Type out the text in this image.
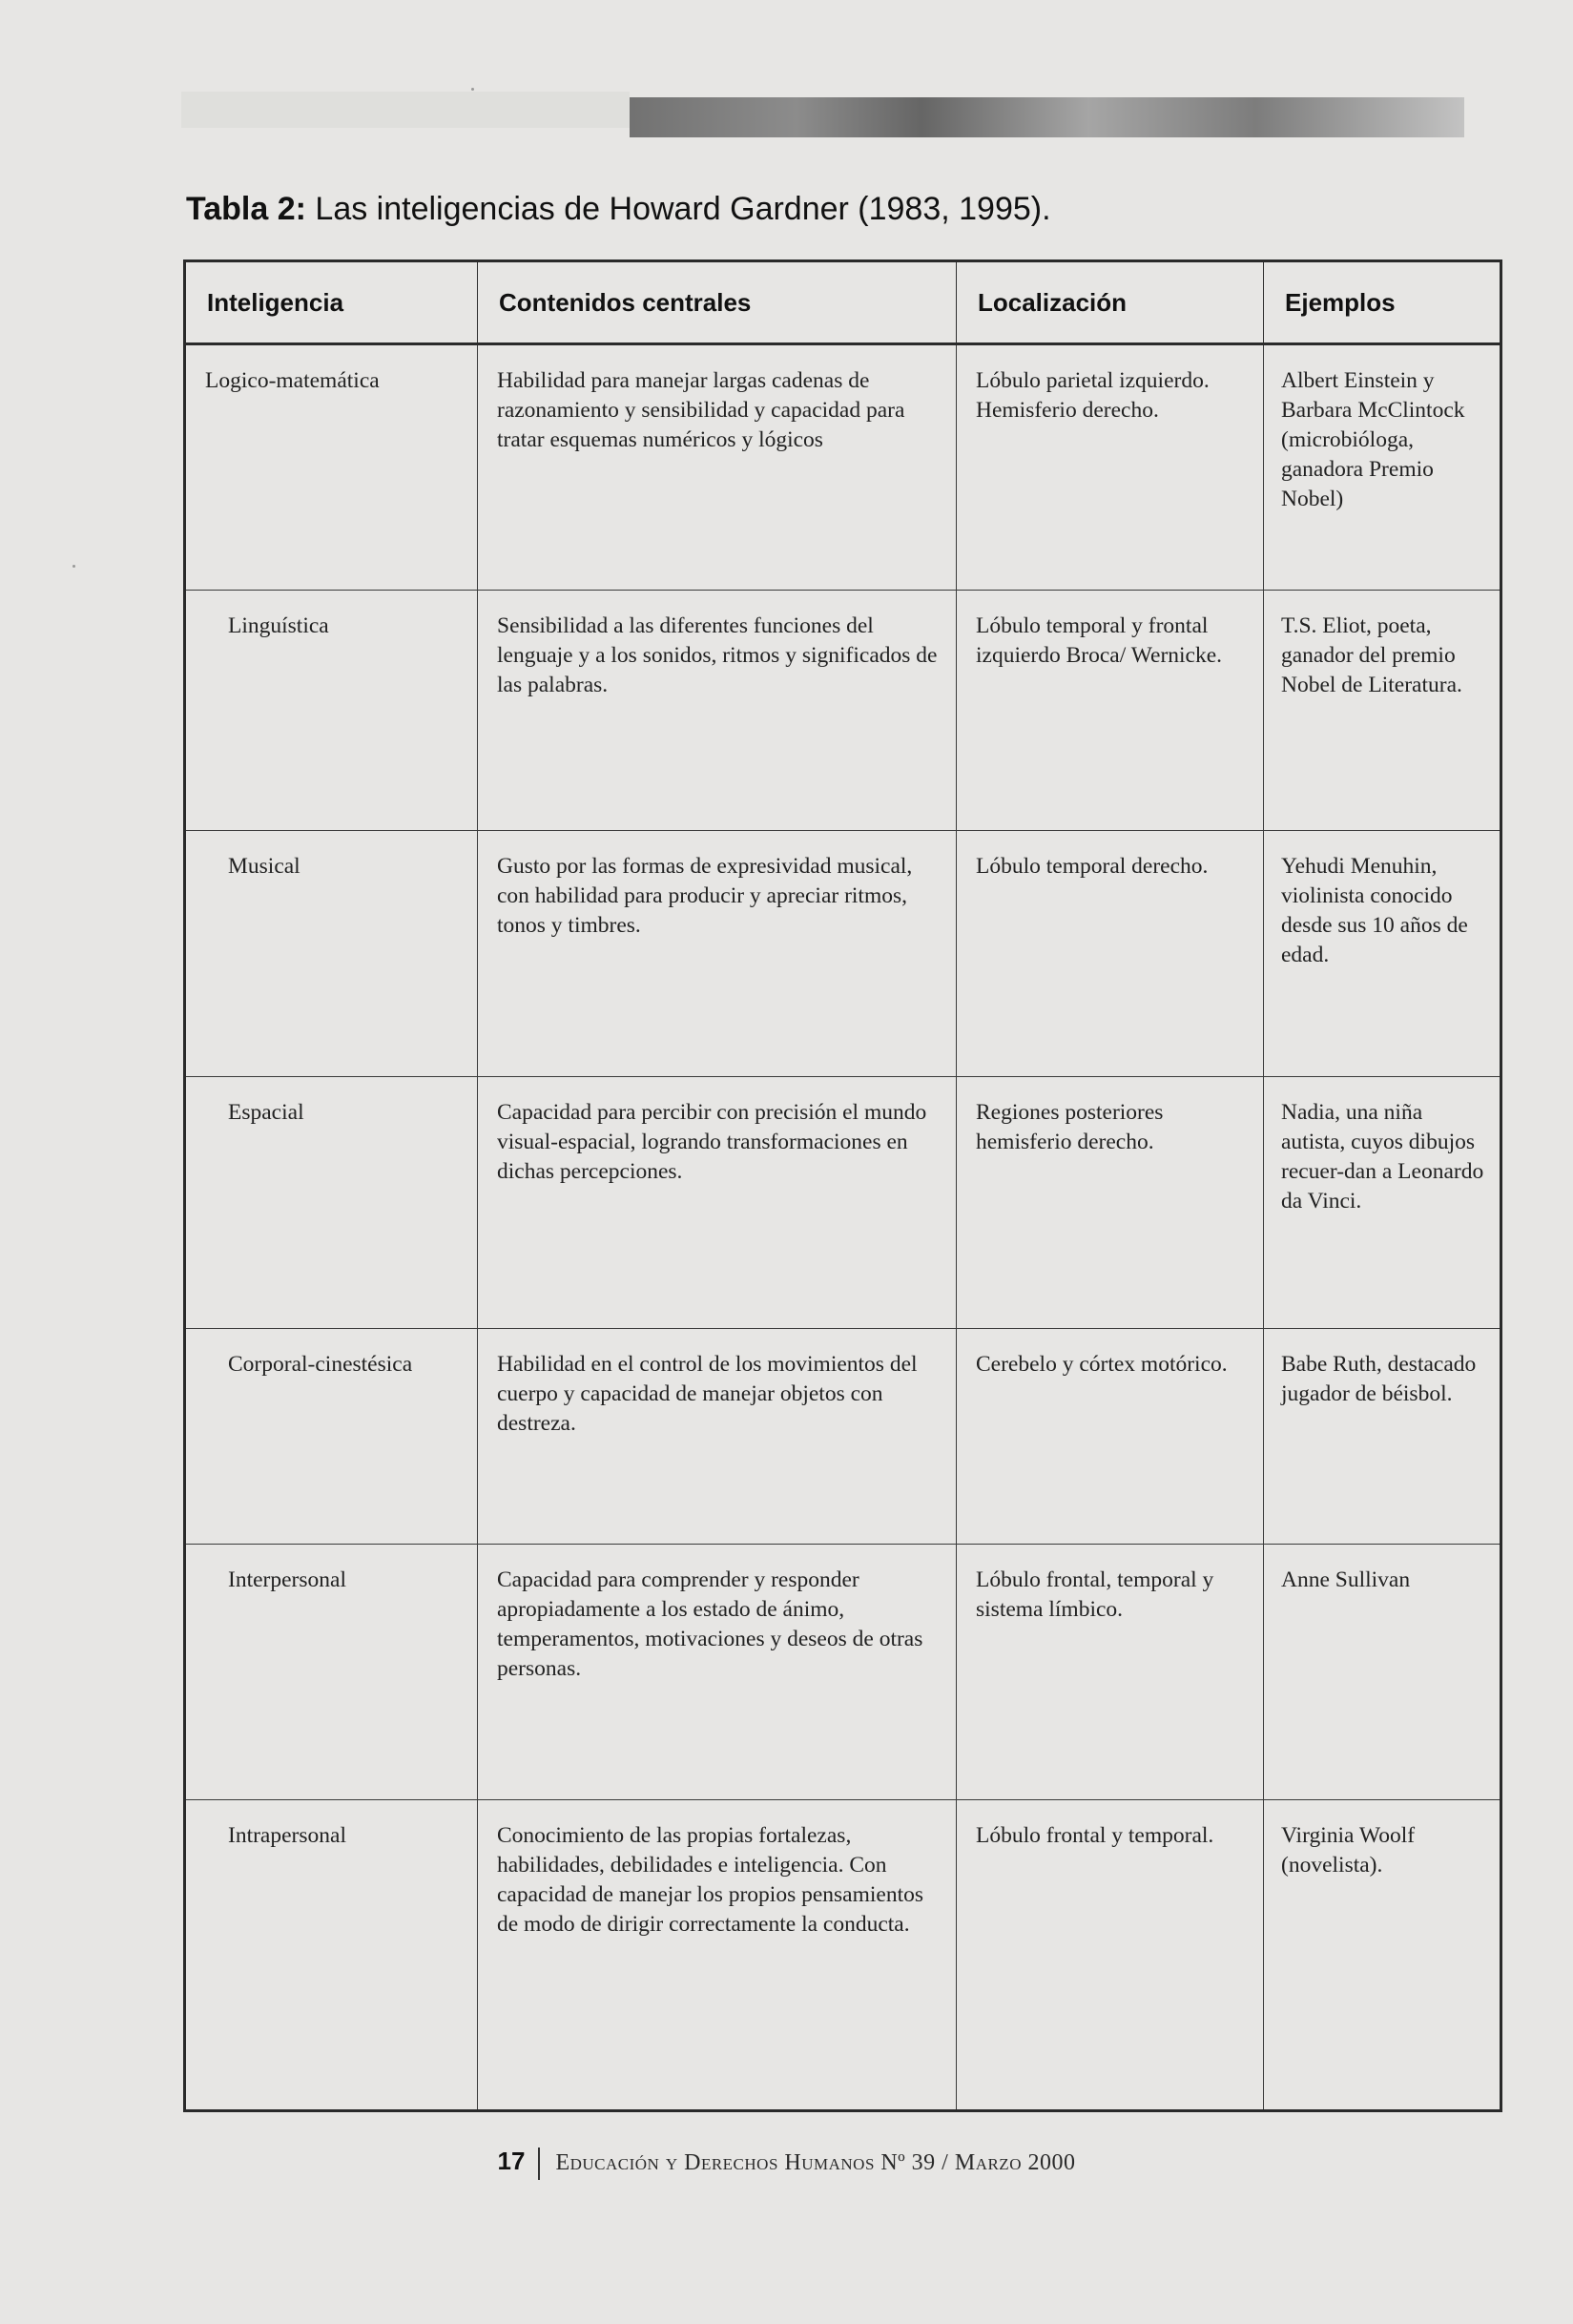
Tabla 2: Las inteligencias de Howard Gardner (1983, 1995).
Inteligencia	Contenidos centrales	Localización	Ejemplos
Logico-matemática	Habilidad para manejar largas cadenas de razonamiento y sensibilidad y capacidad para tratar esquemas numéricos y lógicos	Lóbulo parietal izquierdo. Hemisferio derecho.	Albert Einstein y Barbara McClintock (microbióloga, ganadora Premio Nobel)
Linguística	Sensibilidad a las diferentes funciones del lenguaje y a los sonidos, ritmos y significados de las palabras.	Lóbulo temporal y frontal izquierdo Broca/ Wernicke.	T.S. Eliot, poeta, ganador del premio Nobel de Literatura.
Musical	Gusto por las formas de expresividad musical, con habilidad para producir y apreciar ritmos, tonos y timbres.	Lóbulo temporal derecho.	Yehudi Menuhin, violinista conocido desde sus 10 años de edad.
Espacial	Capacidad para percibir con precisión el mundo visual-espacial, logrando transformaciones en dichas percepciones.	Regiones posteriores hemisferio derecho.	Nadia, una niña autista, cuyos dibujos recuer-dan a Leonardo da Vinci.
Corporal-cinestésica	Habilidad en el control de los movimientos del cuerpo y capacidad de manejar objetos con destreza.	Cerebelo y córtex motórico.	Babe Ruth, destacado jugador de béisbol.
Interpersonal	Capacidad para comprender y responder apropiadamente a los estado de ánimo, temperamentos, motivaciones y deseos de otras personas.	Lóbulo frontal, temporal y sistema límbico.	Anne Sullivan
Intrapersonal	Conocimiento de las propias fortalezas, habilidades, debilidades e inteligencia. Con capacidad de manejar los propios pensamientos de modo de dirigir correctamente la conducta.	Lóbulo frontal y temporal.	Virginia Woolf (novelista).
17 Educación y Derechos Humanos Nº 39 / Marzo 2000
